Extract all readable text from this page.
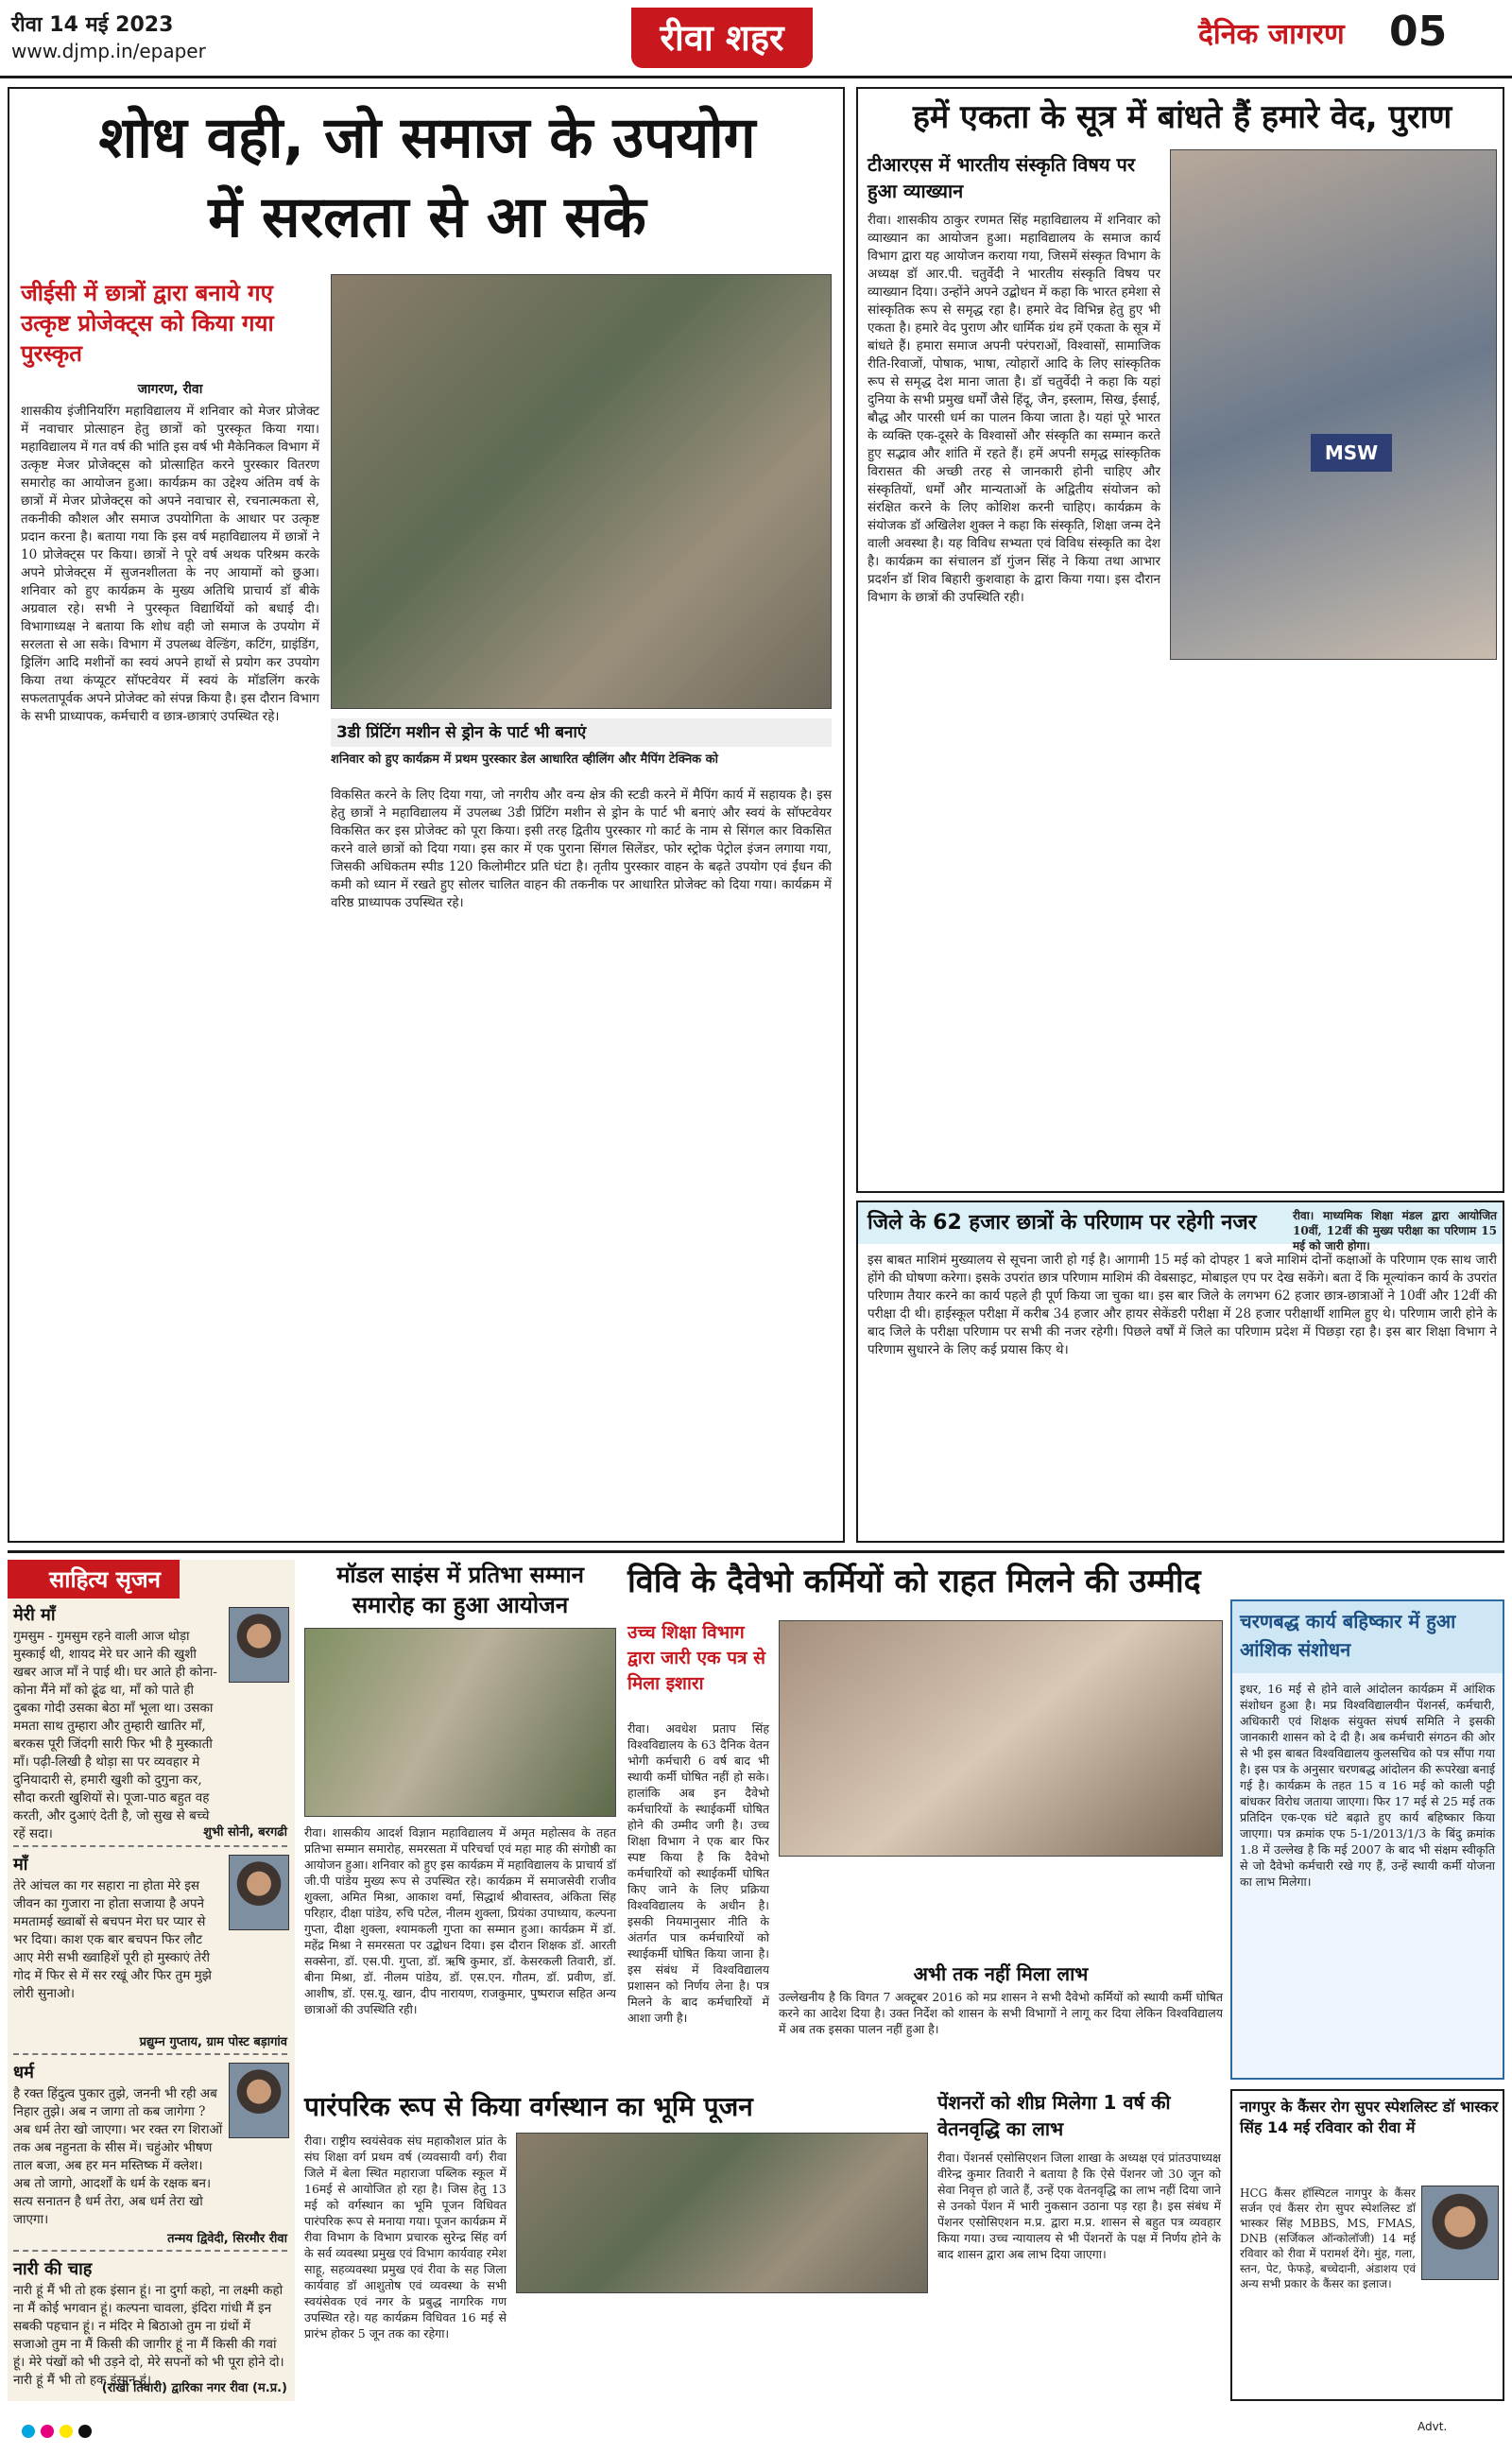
रीवा 14 मई 2023
www.djmp.in/epaper	रीवा शहर	दैनिक जागरण 05
शोध वही, जो समाज के उपयोग
में सरलता से आ सके
जीईसी में छात्रों द्वारा बनाये गए उत्कृष्ट प्रोजेक्ट्स को किया गया पुरस्कृत
जागरण, रीवा
शासकीय इंजीनियरिंग महाविद्यालय में शनिवार को मेजर प्रोजेक्ट में नवाचार प्रोत्साहन हेतु छात्रों को पुरस्कृत किया गया। महाविद्यालय में गत वर्ष की भांति इस वर्ष भी मैकेनिकल विभाग में उत्कृष्ट मेजर प्रोजेक्ट्स को प्रोत्साहित करने पुरस्कार वितरण समारोह का आयोजन हुआ। कार्यक्रम का उद्देश्य अंतिम वर्ष के छात्रों में मेजर प्रोजेक्ट्स को अपने नवाचार से, रचनात्मकता से, तकनीकी कौशल और समाज उपयोगिता के आधार पर उत्कृष्ट प्रदान करना है। बताया गया कि इस वर्ष महाविद्यालय में छात्रों ने 10 प्रोजेक्ट्स पर किया। छात्रों ने पूरे वर्ष अथक परिश्रम करके अपने प्रोजेक्ट्स में सुजनशीलता के नए आयामों को छुआ। शनिवार को हुए कार्यक्रम के मुख्य अतिथि प्राचार्य डॉ बीके अग्रवाल रहे। सभी ने पुरस्कृत विद्यार्थियों को बधाई दी। विभागाध्यक्ष ने बताया कि शोध वही जो समाज के उपयोग में सरलता से आ सके। विभाग में उपलब्ध वेल्डिंग, कटिंग, ग्राइंडिंग, ड्रिलिंग आदि मशीनों का स्वयं अपने हाथों से प्रयोग कर उपयोग किया तथा कंप्यूटर सॉफ्टवेयर में स्वयं के मॉडलिंग करके सफलतापूर्वक अपने प्रोजेक्ट को संपन्न किया है। इस दौरान विभाग के सभी प्राध्यापक, कर्मचारी व छात्र-छात्राएं उपस्थित रहे।
3डी प्रिंटिंग मशीन से ड्रोन के पार्ट भी बनाएं
शनिवार को हुए कार्यक्रम में प्रथम पुरस्कार डेल आधारित व्हीलिंग और मैपिंग टेक्निक को
विकसित करने के लिए दिया गया, जो नगरीय और वन्य क्षेत्र की स्टडी करने में मैपिंग कार्य में सहायक है। इस हेतु छात्रों ने महाविद्यालय में उपलब्ध 3डी प्रिंटिंग मशीन से ड्रोन के पार्ट भी बनाएं और स्वयं के सॉफ्टवेयर विकसित कर इस प्रोजेक्ट को पूरा किया। इसी तरह द्वितीय पुरस्कार गो कार्ट के नाम से सिंगल कार विकसित करने वाले छात्रों को दिया गया। इस कार में एक पुराना सिंगल सिलेंडर, फोर स्ट्रोक पेट्रोल इंजन लगाया गया, जिसकी अधिकतम स्पीड 120 किलोमीटर प्रति घंटा है। तृतीय पुरस्कार वाहन के बढ़ते उपयोग एवं ईंधन की कमी को ध्यान में रखते हुए सोलर चालित वाहन की तकनीक पर आधारित प्रोजेक्ट को दिया गया। कार्यक्रम में वरिष्ठ प्राध्यापक उपस्थित रहे।
हमें एकता के सूत्र में बांधते हैं हमारे वेद, पुराण
MSW
टीआरएस में भारतीय संस्कृति विषय पर हुआ व्याख्यान
रीवा। शासकीय ठाकुर रणमत सिंह महाविद्यालय में शनिवार को व्याख्यान का आयोजन हुआ। महाविद्यालय के समाज कार्य विभाग द्वारा यह आयोजन कराया गया, जिसमें संस्कृत विभाग के अध्यक्ष डॉ आर.पी. चतुर्वेदी ने भारतीय संस्कृति विषय पर व्याख्यान दिया। उन्होंने अपने उद्बोधन में कहा कि भारत हमेशा से सांस्कृतिक रूप से समृद्ध रहा है। हमारे वेद विभिन्न हेतु हुए भी एकता है। हमारे वेद पुराण और धार्मिक ग्रंथ हमें एकता के सूत्र में बांधते हैं। हमारा समाज अपनी परंपराओं, विश्वासों, सामाजिक रीति-रिवाजों, पोषाक, भाषा, त्योहारों आदि के लिए सांस्कृतिक रूप से समृद्ध देश माना जाता है। डॉ चतुर्वेदी ने कहा कि यहां दुनिया के सभी प्रमुख धर्मों जैसे हिंदू, जैन, इस्लाम, सिख, ईसाई, बौद्ध और पारसी धर्म का पालन किया जाता है। यहां पूरे भारत के व्यक्ति एक-दूसरे के विश्वासों और संस्कृति का सम्मान करते हुए सद्भाव और शांति में रहते हैं। हमें अपनी समृद्ध सांस्कृतिक विरासत की अच्छी तरह से जानकारी होनी चाहिए और संस्कृतियों, धर्मों और मान्यताओं के अद्वितीय संयोजन को संरक्षित करने के लिए कोशिश करनी चाहिए। कार्यक्रम के संयोजक डॉ अखिलेश शुक्ल ने कहा कि संस्कृति, शिक्षा जन्म देने वाली अवस्था है। यह विविध सभ्यता एवं विविध संस्कृति का देश है। कार्यक्रम का संचालन डॉ गुंजन सिंह ने किया तथा आभार प्रदर्शन डॉ शिव बिहारी कुशवाहा के द्वारा किया गया। इस दौरान विभाग के छात्रों की उपस्थिति रही।
जिले के 62 हजार छात्रों के परिणाम पर रहेगी नजर	रीवा। माध्यमिक शिक्षा मंडल द्वारा आयोजित 10वीं, 12वीं की मुख्य परीक्षा का परिणाम 15 मई को जारी होगा।
इस बाबत माशिमं मुख्यालय से सूचना जारी हो गई है। आगामी 15 मई को दोपहर 1 बजे माशिमं दोनों कक्षाओं के परिणाम एक साथ जारी होंगे की घोषणा करेगा। इसके उपरांत छात्र परिणाम माशिमं की वेबसाइट, मोबाइल एप पर देख सकेंगे। बता दें कि मूल्यांकन कार्य के उपरांत परिणाम तैयार करने का कार्य पहले ही पूर्ण किया जा चुका था। इस बार जिले के लगभग 62 हजार छात्र-छात्राओं ने 10वीं और 12वीं की परीक्षा दी थी। हाईस्कूल परीक्षा में करीब 34 हजार और हायर सेकेंडरी परीक्षा में 28 हजार परीक्षार्थी शामिल हुए थे। परिणाम जारी होने के बाद जिले के परीक्षा परिणाम पर सभी की नजर रहेगी। पिछले वर्षों में जिले का परिणाम प्रदेश में पिछड़ा रहा है। इस बार शिक्षा विभाग ने परिणाम सुधारने के लिए कई प्रयास किए थे।
साहित्य सृजन
मेरी माँ
गुमसुम - गुमसुम रहने वाली आज थोड़ा मुस्काई थी, शायद मेरे घर आने की खुशी खबर आज माँ ने पाई थी। घर आते ही कोना-कोना मैंने माँ को ढूंढ था, माँ को पाते ही दुबका गोदी उसका बेठा माँ भूला था। उसका ममता साथ तुम्हारा और तुम्हारी खातिर माँ, बरकस पूरी जिंदगी सारी फिर भी है मुस्काती माँ। पढ़ी-लिखी है थोड़ा सा पर व्यवहार मे दुनियादारी से, हमारी खुशी को दुगुना कर, सौदा करती खुशियों से। पूजा-पाठ बहुत वह करती, और दुआएं देती है, जो सुख से बच्चे रहें सदा।	शुभी सोनी, बरगढी
माँ
तेरे आंचल का गर सहारा ना होता मेरे इस जीवन का गुजारा ना होता सजाया है अपने ममतामई ख्वाबों से बचपन मेरा घर प्यार से भर दिया। काश एक बार बचपन फिर लौट आए मेरी सभी ख्वाहिशें पूरी हो मुस्काएं तेरी गोद में फिर से में सर रखूं और फिर तुम मुझे लोरी सुनाओ।
प्रद्युम्न गुप्ताय, ग्राम पोस्ट बड़ागांव
धर्म
है रक्त हिंदुत्व पुकार तुझे, जननी भी रही अब निहार तुझे। अब न जागा तो कब जागेगा ? अब धर्म तेरा खो जाएगा। भर रक्त रग शिराओं तक अब नहुनता के सीस में। चहुंओर भीषण ताल बजा, अब हर मन मस्तिष्क में क्लेश। अब तो जागो, आदर्शों के धर्म के रक्षक बन। सत्य सनातन है धर्म तेरा, अब धर्म तेरा खो जाएगा।
तन्मय द्विवेदी, सिरमौर रीवा
नारी की चाह
नारी हूं मैं भी तो हक इंसान हूं। ना दुर्गा कहो, ना लक्ष्मी कहो ना मैं कोई भगवान हूं। कल्पना चावला, इंदिरा गांधी मैं इन सबकी पहचान हूं। न मंदिर मे बिठाओ तुम ना ग्रंथों में सजाओ तुम ना मैं किसी की जागीर हूं ना मैं किसी की गवां हूं। मेरे पंखों को भी उड़ने दो, मेरे सपनों को भी पूरा होने दो। नारी हूं मैं भी तो हक इंसान हूं।
(राखी तिवारी) द्वारिका नगर रीवा (म.प्र.)
मॉडल साइंस में प्रतिभा सम्मान समारोह का हुआ आयोजन
रीवा। शासकीय आदर्श विज्ञान महाविद्यालय में अमृत महोत्सव के तहत प्रतिभा सम्मान समारोह, समरसता में परिचर्चा एवं महा माह की संगोष्ठी का आयोजन हुआ। शनिवार को हुए इस कार्यक्रम में महाविद्यालय के प्राचार्य डॉ जी.पी पांडेय मुख्य रूप से उपस्थित रहे। कार्यक्रम में समाजसेवी राजीव शुक्ला, अमित मिश्रा, आकाश वर्मा, सिद्धार्थ श्रीवास्तव, अंकिता सिंह परिहार, दीक्षा पांडेय, रुचि पटेल, नीलम शुक्ला, प्रियंका उपाध्याय, कल्पना गुप्ता, दीक्षा शुक्ला, श्यामकली गुप्ता का सम्मान हुआ। कार्यक्रम में डॉ. महेंद्र मिश्रा ने समरसता पर उद्बोधन दिया। इस दौरान शिक्षक डॉ. आरती सक्सेना, डॉ. एस.पी. गुप्ता, डॉ. ऋषि कुमार, डॉ. केसरकली तिवारी, डॉ. बीना मिश्रा, डॉ. नीलम पांडेय, डॉ. एस.एन. गौतम, डॉ. प्रवीण, डॉ. आशीष, डॉ. एस.यू. खान, दीप नारायण, राजकुमार, पुष्पराज सहित अन्य छात्राओं की उपस्थिति रही।
विवि के दैवेभो कर्मियों को राहत मिलने की उम्मीद
उच्च शिक्षा विभाग द्वारा जारी एक पत्र से मिला इशारा
रीवा। अवधेश प्रताप सिंह विश्वविद्यालय के 63 दैनिक वेतन भोगी कर्मचारी 6 वर्ष बाद भी स्थायी कर्मी घोषित नहीं हो सके। हालांकि अब इन दैवेभो कर्मचारियों के स्थाईकर्मी घोषित होने की उम्मीद जगी है। उच्च शिक्षा विभाग ने एक बार फिर स्पष्ट किया है कि दैवेभो कर्मचारियों को स्थाईकर्मी घोषित किए जाने के लिए प्रक्रिया विश्वविद्यालय के अधीन है। इसकी नियमानुसार नीति के अंतर्गत पात्र कर्मचारियों को स्थाईकर्मी घोषित किया जाना है। इस संबंध में विश्वविद्यालय प्रशासन को निर्णय लेना है। पत्र मिलने के बाद कर्मचारियों में आशा जगी है।
अभी तक नहीं मिला लाभ
उल्लेखनीय है कि विगत 7 अक्टूबर 2016 को मप्र शासन ने सभी दैवेभो कर्मियों को स्थायी कर्मी घोषित करने का आदेश दिया है। उक्त निर्देश को शासन के सभी विभागों ने लागू कर दिया लेकिन विश्वविद्यालय में अब तक इसका पालन नहीं हुआ है।
चरणबद्ध कार्य बहिष्कार में हुआ आंशिक संशोधन
इधर, 16 मई से होने वाले आंदोलन कार्यक्रम में आंशिक संशोधन हुआ है। मप्र विश्वविद्यालयीन पेंशनर्स, कर्मचारी, अधिकारी एवं शिक्षक संयुक्त संघर्ष समिति ने इसकी जानकारी शासन को दे दी है। अब कर्मचारी संगठन की ओर से भी इस बाबत विश्वविद्यालय कुलसचिव को पत्र सौंपा गया है। इस पत्र के अनुसार चरणबद्ध आंदोलन की रूपरेखा बनाई गई है। कार्यक्रम के तहत 15 व 16 मई को काली पट्टी बांधकर विरोध जताया जाएगा। फिर 17 मई से 25 मई तक प्रतिदिन एक-एक घंटे बढ़ाते हुए कार्य बहिष्कार किया जाएगा। पत्र क्रमांक एफ 5-1/2013/1/3 के बिंदु क्रमांक 1.8 में उल्लेख है कि मई 2007 के बाद भी संक्षम स्वीकृति से जो दैवेभो कर्मचारी रखे गए हैं, उन्हें स्थायी कर्मी योजना का लाभ मिलेगा।
पारंपरिक रूप से किया वर्गस्थान का भूमि पूजन
रीवा। राष्ट्रीय स्वयंसेवक संघ महाकौशल प्रांत के संघ शिक्षा वर्ग प्रथम वर्ष (व्यवसायी वर्ग) रीवा जिले में बेला स्थित महाराजा पब्लिक स्कूल में 16मई से आयोजित हो रहा है। जिस हेतु 13 मई को वर्गस्थान का भूमि पूजन विधिवत पारंपरिक रूप से मनाया गया। पूजन कार्यक्रम में रीवा विभाग के विभाग प्रचारक सुरेन्द्र सिंह वर्ग के सर्व व्यवस्था प्रमुख एवं विभाग कार्यवाह रमेश साहू, सहव्यवस्था प्रमुख एवं रीवा के सह जिला कार्यवाह डॉ आशुतोष एवं व्यवस्था के सभी स्वयंसेवक एवं नगर के प्रबुद्ध नागरिक गण उपस्थित रहे। यह कार्यक्रम विधिवत 16 मई से प्रारंभ होकर 5 जून तक का रहेगा।
पेंशनरों को शीघ्र मिलेगा 1 वर्ष की वेतनवृद्धि का लाभ
रीवा। पेंशनर्स एसोसिएशन जिला शाखा के अध्यक्ष एवं प्रांतउपाध्यक्ष वीरेन्द्र कुमार तिवारी ने बताया है कि ऐसे पेंशनर जो 30 जून को सेवा निवृत्त हो जाते हैं, उन्हें एक वेतनवृद्धि का लाभ नहीं दिया जाने से उनको पेंशन में भारी नुकसान उठाना पड़ रहा है। इस संबंध में पेंशनर एसोसिएशन म.प्र. द्वारा म.प्र. शासन से बहुत पत्र व्यवहार किया गया। उच्च न्यायालय से भी पेंशनरों के पक्ष में निर्णय होने के बाद शासन द्वारा अब लाभ दिया जाएगा।
नागपुर के कैंसर रोग सुपर स्पेशलिस्ट डॉ भास्कर सिंह 14 मई रविवार को रीवा में
HCG कैंसर हॉस्पिटल नागपुर के कैंसर सर्जन एवं कैंसर रोग सुपर स्पेशलिस्ट डॉ भास्कर सिंह MBBS, MS, FMAS, DNB (सर्जिकल ऑन्कोलॉजी) 14 मई रविवार को रीवा में परामर्श देंगे। मुंह, गला, स्तन, पेट, फेफड़े, बच्चेदानी, अंडाशय एवं अन्य सभी प्रकार के कैंसर का इलाज।
Advt.
